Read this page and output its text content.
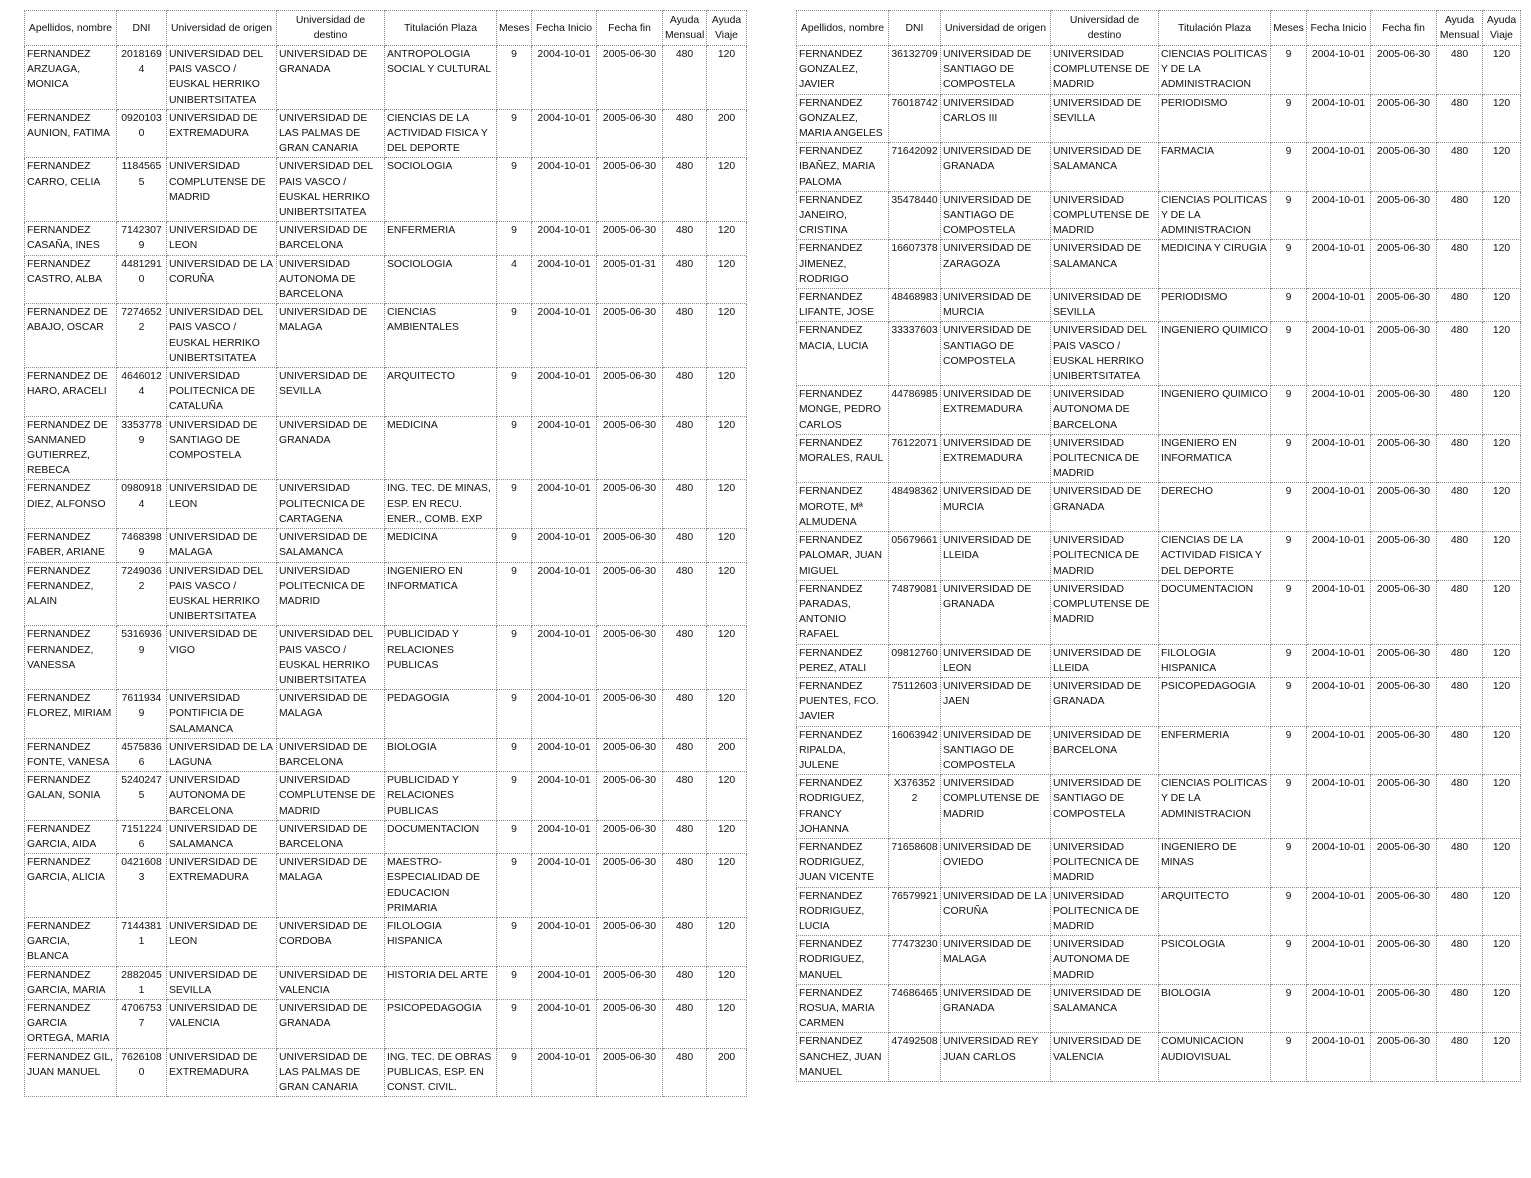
Apellidos, nombre	DNI	Universidad de origen	Universidad de destino	Titulación Plaza	Meses	Fecha Inicio	Fecha fin	Ayuda Mensual	Ayuda Viaje
FERNANDEZ ARZUAGA, MONICA	20181694	UNIVERSIDAD DEL PAIS VASCO / EUSKAL HERRIKO UNIBERTSITATEA	UNIVERSIDAD DE GRANADA	ANTROPOLOGIA SOCIAL Y CULTURAL	9	2004-10-01	2005-06-30	480	120
FERNANDEZ AUNION, FATIMA	09201030	UNIVERSIDAD DE EXTREMADURA	UNIVERSIDAD DE LAS PALMAS DE GRAN CANARIA	CIENCIAS DE LA ACTIVIDAD FISICA Y DEL DEPORTE	9	2004-10-01	2005-06-30	480	200
FERNANDEZ CARRO, CELIA	11845655	UNIVERSIDAD COMPLUTENSE DE MADRID	UNIVERSIDAD DEL PAIS VASCO / EUSKAL HERRIKO UNIBERTSITATEA	SOCIOLOGIA	9	2004-10-01	2005-06-30	480	120
FERNANDEZ CASAÑA, INES	71423079	UNIVERSIDAD DE LEON	UNIVERSIDAD DE BARCELONA	ENFERMERIA	9	2004-10-01	2005-06-30	480	120
FERNANDEZ CASTRO, ALBA	44812910	UNIVERSIDAD DE LA CORUÑA	UNIVERSIDAD AUTONOMA DE BARCELONA	SOCIOLOGIA	4	2004-10-01	2005-01-31	480	120
FERNANDEZ DE ABAJO, OSCAR	72746522	UNIVERSIDAD DEL PAIS VASCO / EUSKAL HERRIKO UNIBERTSITATEA	UNIVERSIDAD DE MALAGA	CIENCIAS AMBIENTALES	9	2004-10-01	2005-06-30	480	120
FERNANDEZ DE HARO, ARACELI	46460124	UNIVERSIDAD POLITECNICA DE CATALUÑA	UNIVERSIDAD DE SEVILLA	ARQUITECTO	9	2004-10-01	2005-06-30	480	120
FERNANDEZ DE SANMANED GUTIERREZ, REBECA	33537789	UNIVERSIDAD DE SANTIAGO DE COMPOSTELA	UNIVERSIDAD DE GRANADA	MEDICINA	9	2004-10-01	2005-06-30	480	120
FERNANDEZ DIEZ, ALFONSO	09809184	UNIVERSIDAD DE LEON	UNIVERSIDAD POLITECNICA DE CARTAGENA	ING. TEC. DE MINAS, ESP. EN RECU. ENER., COMB. EXP	9	2004-10-01	2005-06-30	480	120
FERNANDEZ FABER, ARIANE	74683989	UNIVERSIDAD DE MALAGA	UNIVERSIDAD DE SALAMANCA	MEDICINA	9	2004-10-01	2005-06-30	480	120
FERNANDEZ FERNANDEZ, ALAIN	72490362	UNIVERSIDAD DEL PAIS VASCO / EUSKAL HERRIKO UNIBERTSITATEA	UNIVERSIDAD POLITECNICA DE MADRID	INGENIERO EN INFORMATICA	9	2004-10-01	2005-06-30	480	120
FERNANDEZ FERNANDEZ, VANESSA	53169369	UNIVERSIDAD DE VIGO	UNIVERSIDAD DEL PAIS VASCO / EUSKAL HERRIKO UNIBERTSITATEA	PUBLICIDAD Y RELACIONES PUBLICAS	9	2004-10-01	2005-06-30	480	120
FERNANDEZ FLOREZ, MIRIAM	76119349	UNIVERSIDAD PONTIFICIA DE SALAMANCA	UNIVERSIDAD DE MALAGA	PEDAGOGIA	9	2004-10-01	2005-06-30	480	120
FERNANDEZ FONTE, VANESA	45758366	UNIVERSIDAD DE LA LAGUNA	UNIVERSIDAD DE BARCELONA	BIOLOGIA	9	2004-10-01	2005-06-30	480	200
FERNANDEZ GALAN, SONIA	52402475	UNIVERSIDAD AUTONOMA DE BARCELONA	UNIVERSIDAD COMPLUTENSE DE MADRID	PUBLICIDAD Y RELACIONES PUBLICAS	9	2004-10-01	2005-06-30	480	120
FERNANDEZ GARCIA, AIDA	71512246	UNIVERSIDAD DE SALAMANCA	UNIVERSIDAD DE BARCELONA	DOCUMENTACION	9	2004-10-01	2005-06-30	480	120
FERNANDEZ GARCIA, ALICIA	04216083	UNIVERSIDAD DE EXTREMADURA	UNIVERSIDAD DE MALAGA	MAESTRO-ESPECIALIDAD DE EDUCACION PRIMARIA	9	2004-10-01	2005-06-30	480	120
FERNANDEZ GARCIA, BLANCA	71443811	UNIVERSIDAD DE LEON	UNIVERSIDAD DE CORDOBA	FILOLOGIA HISPANICA	9	2004-10-01	2005-06-30	480	120
FERNANDEZ GARCIA, MARIA	28820451	UNIVERSIDAD DE SEVILLA	UNIVERSIDAD DE VALENCIA	HISTORIA DEL ARTE	9	2004-10-01	2005-06-30	480	120
FERNANDEZ GARCIA ORTEGA, MARIA	47067537	UNIVERSIDAD DE VALENCIA	UNIVERSIDAD DE GRANADA	PSICOPEDAGOGIA	9	2004-10-01	2005-06-30	480	120
FERNANDEZ GIL, JUAN MANUEL	76261080	UNIVERSIDAD DE EXTREMADURA	UNIVERSIDAD DE LAS PALMAS DE GRAN CANARIA	ING. TEC. DE OBRAS PUBLICAS, ESP. EN CONST. CIVIL.	9	2004-10-01	2005-06-30	480	200
Apellidos, nombre	DNI	Universidad de origen	Universidad de destino	Titulación Plaza	Meses	Fecha Inicio	Fecha fin	Ayuda Mensual	Ayuda Viaje
FERNANDEZ GONZALEZ, JAVIER	36132709	UNIVERSIDAD DE SANTIAGO DE COMPOSTELA	UNIVERSIDAD COMPLUTENSE DE MADRID	CIENCIAS POLITICAS Y DE LA ADMINISTRACION	9	2004-10-01	2005-06-30	480	120
FERNANDEZ GONZALEZ, MARIA ANGELES	76018742	UNIVERSIDAD CARLOS III	UNIVERSIDAD DE SEVILLA	PERIODISMO	9	2004-10-01	2005-06-30	480	120
FERNANDEZ IBAÑEZ, MARIA PALOMA	71642092	UNIVERSIDAD DE GRANADA	UNIVERSIDAD DE SALAMANCA	FARMACIA	9	2004-10-01	2005-06-30	480	120
FERNANDEZ JANEIRO, CRISTINA	35478440	UNIVERSIDAD DE SANTIAGO DE COMPOSTELA	UNIVERSIDAD COMPLUTENSE DE MADRID	CIENCIAS POLITICAS Y DE LA ADMINISTRACION	9	2004-10-01	2005-06-30	480	120
FERNANDEZ JIMENEZ, RODRIGO	16607378	UNIVERSIDAD DE ZARAGOZA	UNIVERSIDAD DE SALAMANCA	MEDICINA Y CIRUGIA	9	2004-10-01	2005-06-30	480	120
FERNANDEZ LIFANTE, JOSE	48468983	UNIVERSIDAD DE MURCIA	UNIVERSIDAD DE SEVILLA	PERIODISMO	9	2004-10-01	2005-06-30	480	120
FERNANDEZ MACIA, LUCIA	33337603	UNIVERSIDAD DE SANTIAGO DE COMPOSTELA	UNIVERSIDAD DEL PAIS VASCO / EUSKAL HERRIKO UNIBERTSITATEA	INGENIERO QUIMICO	9	2004-10-01	2005-06-30	480	120
FERNANDEZ MONGE, PEDRO CARLOS	44786985	UNIVERSIDAD DE EXTREMADURA	UNIVERSIDAD AUTONOMA DE BARCELONA	INGENIERO QUIMICO	9	2004-10-01	2005-06-30	480	120
FERNANDEZ MORALES, RAUL	76122071	UNIVERSIDAD DE EXTREMADURA	UNIVERSIDAD POLITECNICA DE MADRID	INGENIERO EN INFORMATICA	9	2004-10-01	2005-06-30	480	120
FERNANDEZ MOROTE, Mª ALMUDENA	48498362	UNIVERSIDAD DE MURCIA	UNIVERSIDAD DE GRANADA	DERECHO	9	2004-10-01	2005-06-30	480	120
FERNANDEZ PALOMAR, JUAN MIGUEL	05679661	UNIVERSIDAD DE LLEIDA	UNIVERSIDAD POLITECNICA DE MADRID	CIENCIAS DE LA ACTIVIDAD FISICA Y DEL DEPORTE	9	2004-10-01	2005-06-30	480	120
FERNANDEZ PARADAS, ANTONIO RAFAEL	74879081	UNIVERSIDAD DE GRANADA	UNIVERSIDAD COMPLUTENSE DE MADRID	DOCUMENTACION	9	2004-10-01	2005-06-30	480	120
FERNANDEZ PEREZ, ATALI	09812760	UNIVERSIDAD DE LEON	UNIVERSIDAD DE LLEIDA	FILOLOGIA HISPANICA	9	2004-10-01	2005-06-30	480	120
FERNANDEZ PUENTES, FCO. JAVIER	75112603	UNIVERSIDAD DE JAEN	UNIVERSIDAD DE GRANADA	PSICOPEDAGOGIA	9	2004-10-01	2005-06-30	480	120
FERNANDEZ RIPALDA, JULENE	16063942	UNIVERSIDAD DE SANTIAGO DE COMPOSTELA	UNIVERSIDAD DE BARCELONA	ENFERMERIA	9	2004-10-01	2005-06-30	480	120
FERNANDEZ RODRIGUEZ, FRANCY JOHANNA	X3763522	UNIVERSIDAD COMPLUTENSE DE MADRID	UNIVERSIDAD DE SANTIAGO DE COMPOSTELA	CIENCIAS POLITICAS Y DE LA ADMINISTRACION	9	2004-10-01	2005-06-30	480	120
FERNANDEZ RODRIGUEZ, JUAN VICENTE	71658608	UNIVERSIDAD DE OVIEDO	UNIVERSIDAD POLITECNICA DE MADRID	INGENIERO DE MINAS	9	2004-10-01	2005-06-30	480	120
FERNANDEZ RODRIGUEZ, LUCIA	76579921	UNIVERSIDAD DE LA CORUÑA	UNIVERSIDAD POLITECNICA DE MADRID	ARQUITECTO	9	2004-10-01	2005-06-30	480	120
FERNANDEZ RODRIGUEZ, MANUEL	77473230	UNIVERSIDAD DE MALAGA	UNIVERSIDAD AUTONOMA DE MADRID	PSICOLOGIA	9	2004-10-01	2005-06-30	480	120
FERNANDEZ ROSUA, MARIA CARMEN	74686465	UNIVERSIDAD DE GRANADA	UNIVERSIDAD DE SALAMANCA	BIOLOGIA	9	2004-10-01	2005-06-30	480	120
FERNANDEZ SANCHEZ, JUAN MANUEL	47492508	UNIVERSIDAD REY JUAN CARLOS	UNIVERSIDAD DE VALENCIA	COMUNICACION AUDIOVISUAL	9	2004-10-01	2005-06-30	480	120
